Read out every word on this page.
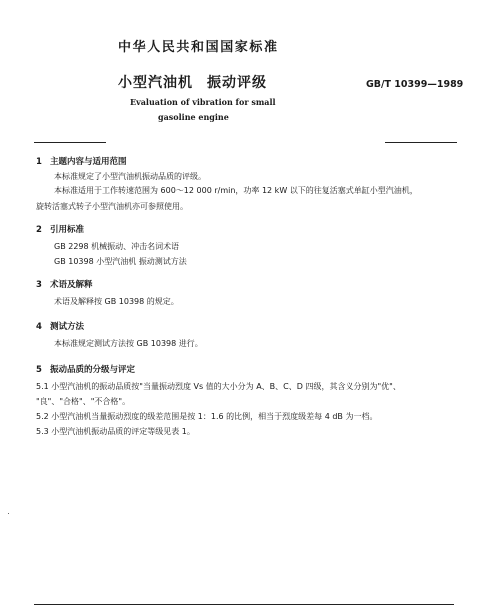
中华人民共和国国家标准
小型汽油机 振动评级	GB/T 10399—1989
Evaluation of vibration for small
gasoline engine
1 主题内容与适用范围
本标准规定了小型汽油机振动品质的评级。
本标准适用于工作转速范围为 600～12 000 r/min，功率 12 kW 以下的往复活塞式单缸小型汽油机，
旋转活塞式转子小型汽油机亦可参照使用。
2 引用标准
GB 2298 机械振动、冲击名词术语
GB 10398 小型汽油机 振动测试方法
3 术语及解释
术语及解释按 GB 10398 的规定。
4 测试方法
本标准规定测试方法按 GB 10398 进行。
5 振动品质的分级与评定
5.1 小型汽油机的振动品质按"当量振动烈度 Vs 值的大小分为 A、B、C、D 四级，其含义分别为"优"、
"良"、"合格"、"不合格"。
5.2 小型汽油机当量振动烈度的级差范围是按 1：1.6 的比例，相当于烈度级差每 4 dB 为一档。
5.3 小型汽油机振动品质的评定等级见表 1。
